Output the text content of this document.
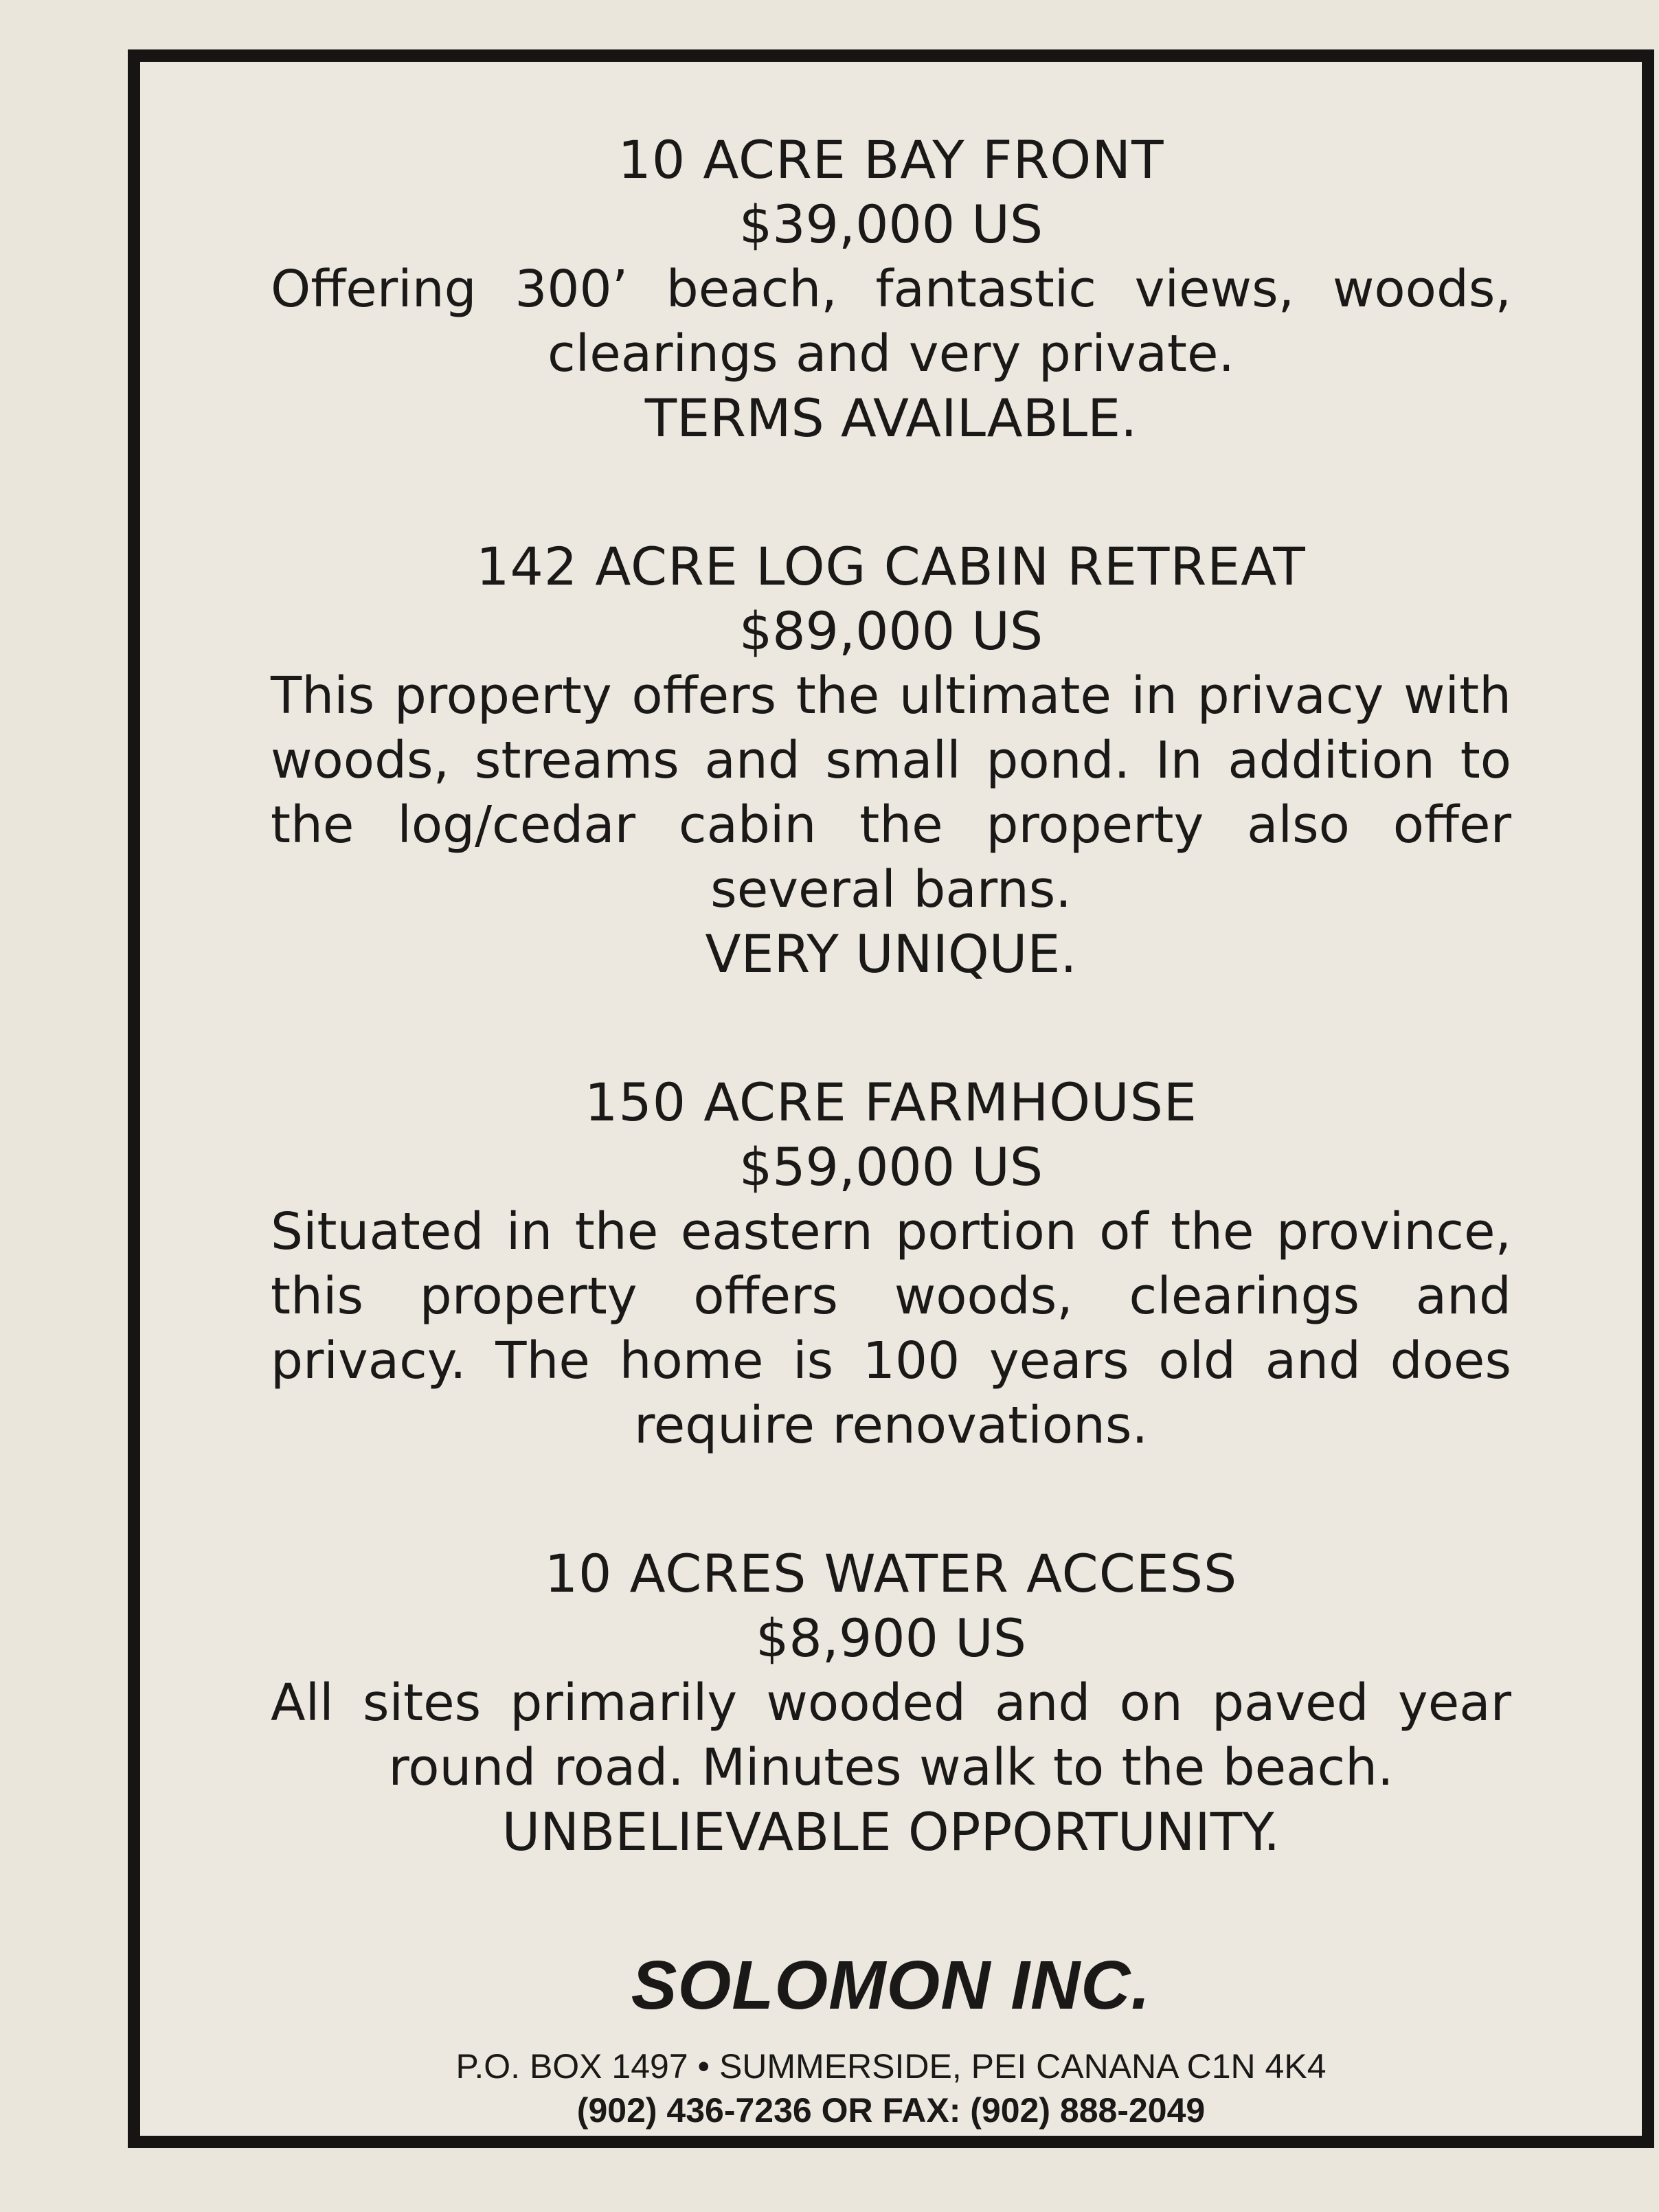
10 ACRE BAY FRONT

$39,000 US

Offering 300’ beach, fantastic views, woods, clearings and very private.

TERMS AVAILABLE.

142 ACRE LOG CABIN RETREAT

$89,000 US

This property offers the ultimate in privacy with woods, streams and small pond. In addition to the log/cedar cabin the property also offer several barns.

VERY UNIQUE.

150 ACRE FARMHOUSE

$59,000 US

Situated in the eastern portion of the province, this property offers woods, clearings and privacy. The home is 100 years old and does require renovations.

10 ACRES WATER ACCESS

$8,900 US

All sites primarily wooded and on paved year round road. Minutes walk to the beach.

UNBELIEVABLE OPPORTUNITY.

SOLOMON INC.
P.O. BOX 1497 • SUMMERSIDE, PEI CANANA C1N 4K4
(902) 436-7236 OR FAX: (902) 888-2049
